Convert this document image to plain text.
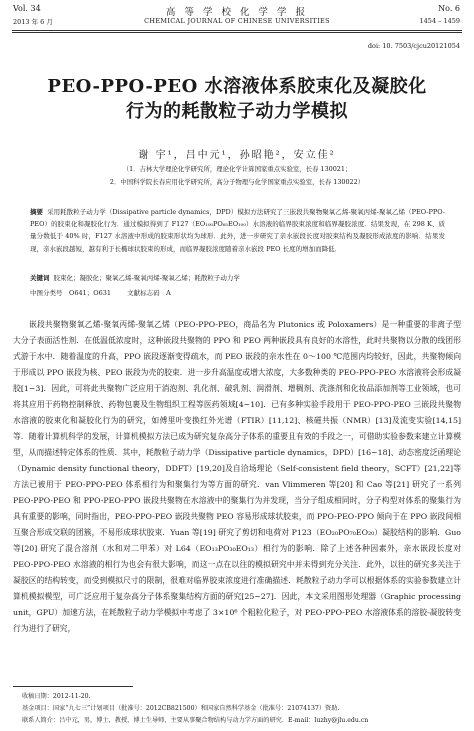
Vol. 34	高 等 学 校 化 学 学 报	No. 6
2013 年 6 月	CHEMICAL JOURNAL OF CHINESE UNIVERSITIES	1454 – 1459
doi: 10. 7503/cjcu20121054
PEO-PPO-PEO 水溶液体系胶束化及凝胶化
行为的耗散粒子动力学模拟
谢 宇¹，吕中元¹，孙昭艳²，安立佳²
（1．吉林大学理论化学研究所，理论化学计算国家重点实验室，长春 130021；
2．中国科学院长春应用化学研究所，高分子物理与化学国家重点实验室，长春 130022）
摘要 采用耗散粒子动力学（Dissipative particle dynamics，DPD）模拟方法研究了三嵌段共聚物聚氧乙烯-聚氧丙烯-聚氧乙烯（PEO-PPO-PEO）的胶束化和凝胶化行为．通过模拟得到了 F127（EO₁₀₀PO₆₅EO₁₀₀）水溶液的临界胶束浓度和临界凝胶浓度．结果发现，在 298 K、质量分数低于 40% 时，F127 水溶液中形成的胶束形状均为球形．此外，进一步研究了亲水嵌段长度对胶束结构及凝胶形成浓度的影响．结果发现，亲水嵌段越短，越有利于长椭球状胶束的形成，而临界凝胶浓度随着亲水嵌段 PEO 长度的增加而降低．
关键词 胶束化；凝胶化；聚氧乙烯-聚氧丙烯-聚氧乙烯；耗散粒子动力学
中图分类号　O641；O631 文献标志码　A
嵌段共聚物聚氧乙烯-聚氧丙烯-聚氧乙烯（PEO-PPO-PEO，商品名为 Plutonics 或 Poloxamers）是一种重要的非离子型大分子表面活性剂．在低温低浓度时，这种嵌段共聚物的 PPO 和 PEO 两种嵌段具有良好的水溶性，此时共聚物以分散的线团形式游于水中．随着温度的升高，PPO 嵌段逐渐变得疏水，而 PEO 嵌段的亲水性在 0～100 ℃范围内均较好，因此，共聚物倾向于形成以 PPO 嵌段为核、PEO 嵌段为壳的胶束．进一步升高温度或增大浓度，大多数种类的 PEO-PPO-PEO 水溶液将会形成凝胶[1~3]．因此，可将此共聚物广泛应用于消泡剂、乳化剂、破乳剂、润滑剂、增稠剂、洗涤剂和化妆品添加剂等工业领域，也可将其应用于药物控制释放、药物包裹及生物组织工程等医药领域[4~10]．已有多种实验手段用于 PEO-PPO-PEO 三嵌段共聚物水溶液的胶束化和凝胶化行为的研究，如傅里叶变换红外光谱（FTIR）[11,12]、核磁共振（NMR）[13]及流变实验[14,15]等．随着计算机科学的发展，计算机模拟方法已成为研究复杂高分子体系的重要且有效的手段之一，可借助实验参数来建立计算模型，从而描述特定体系的性质．其中，耗散粒子动力学（Dissipative particle dynamics，DPD）[16~18]、动态密度泛函理论（Dynamic density functional theory，DDFT）[19,20]及自洽场理论（Self-consistent field theory，SCFT）[21,22]等方法已被用于 PEO-PPO-PEO 体系相行为和聚集行为等方面的研究．van Vlimmeren 等[20] 和 Cao 等[21] 研究了一系列 PEO-PPO-PEO 和 PPO-PEO-PPO 嵌段共聚物在水溶液中的聚集行为并发现，当分子组成相同时，分子构型对体系的聚集行为具有重要的影响，同时指出，PEO-PPO-PEO 嵌段共聚物 PEO 容易形成球状胶束，而 PPO-PEO-PPO 倾向于在 PPO 嵌段间相互聚合形成交联的团簇，不易形成球状胶束．Yuan 等[19] 研究了剪切和电荷对 P123（EO₂₀PO₇₀EO₂₀）凝胶结构的影响．Guo 等[20] 研究了混合溶剂（水和对二甲苯）对 L64（EO₁₃PO₃₀EO₁₃）相行为的影响．除了上述各种因素外，亲水嵌段长度对 PEO-PPO-PEO 水溶液的相行为也会有很大影响，而这一点在以往的模拟研究中并未得到充分关注．此外，以往的研究多关注于凝胶区的结构转变，而受到模拟尺寸的限制，很难对临界胶束浓度进行准确描述．耗散粒子动力学可以根据体系的实验参数建立计算机模拟模型，可广泛应用于复杂高分子体系聚集结构方面的研究[25~27]．因此，本文采用图形处理器（Graphic processing unit，GPU）加速方法，在耗散粒子动力学模拟中考虑了 3×10⁶ 个粗粒化粒子，对 PEO-PPO-PEO 水溶液体系的溶胶-凝胶转变行为进行了研究，
收稿日期：2012-11-20.
基金项目：国家“九七三”计划项目（批准号：2012CB821500）和国家自然科学基金（批准号：21074137）资助.
联系人简介：吕中元，男，博士，教授，博士生导师，主要从事聚合物结构与动力学方面的研究．E-mail：luzhy@jlu.edu.cn
